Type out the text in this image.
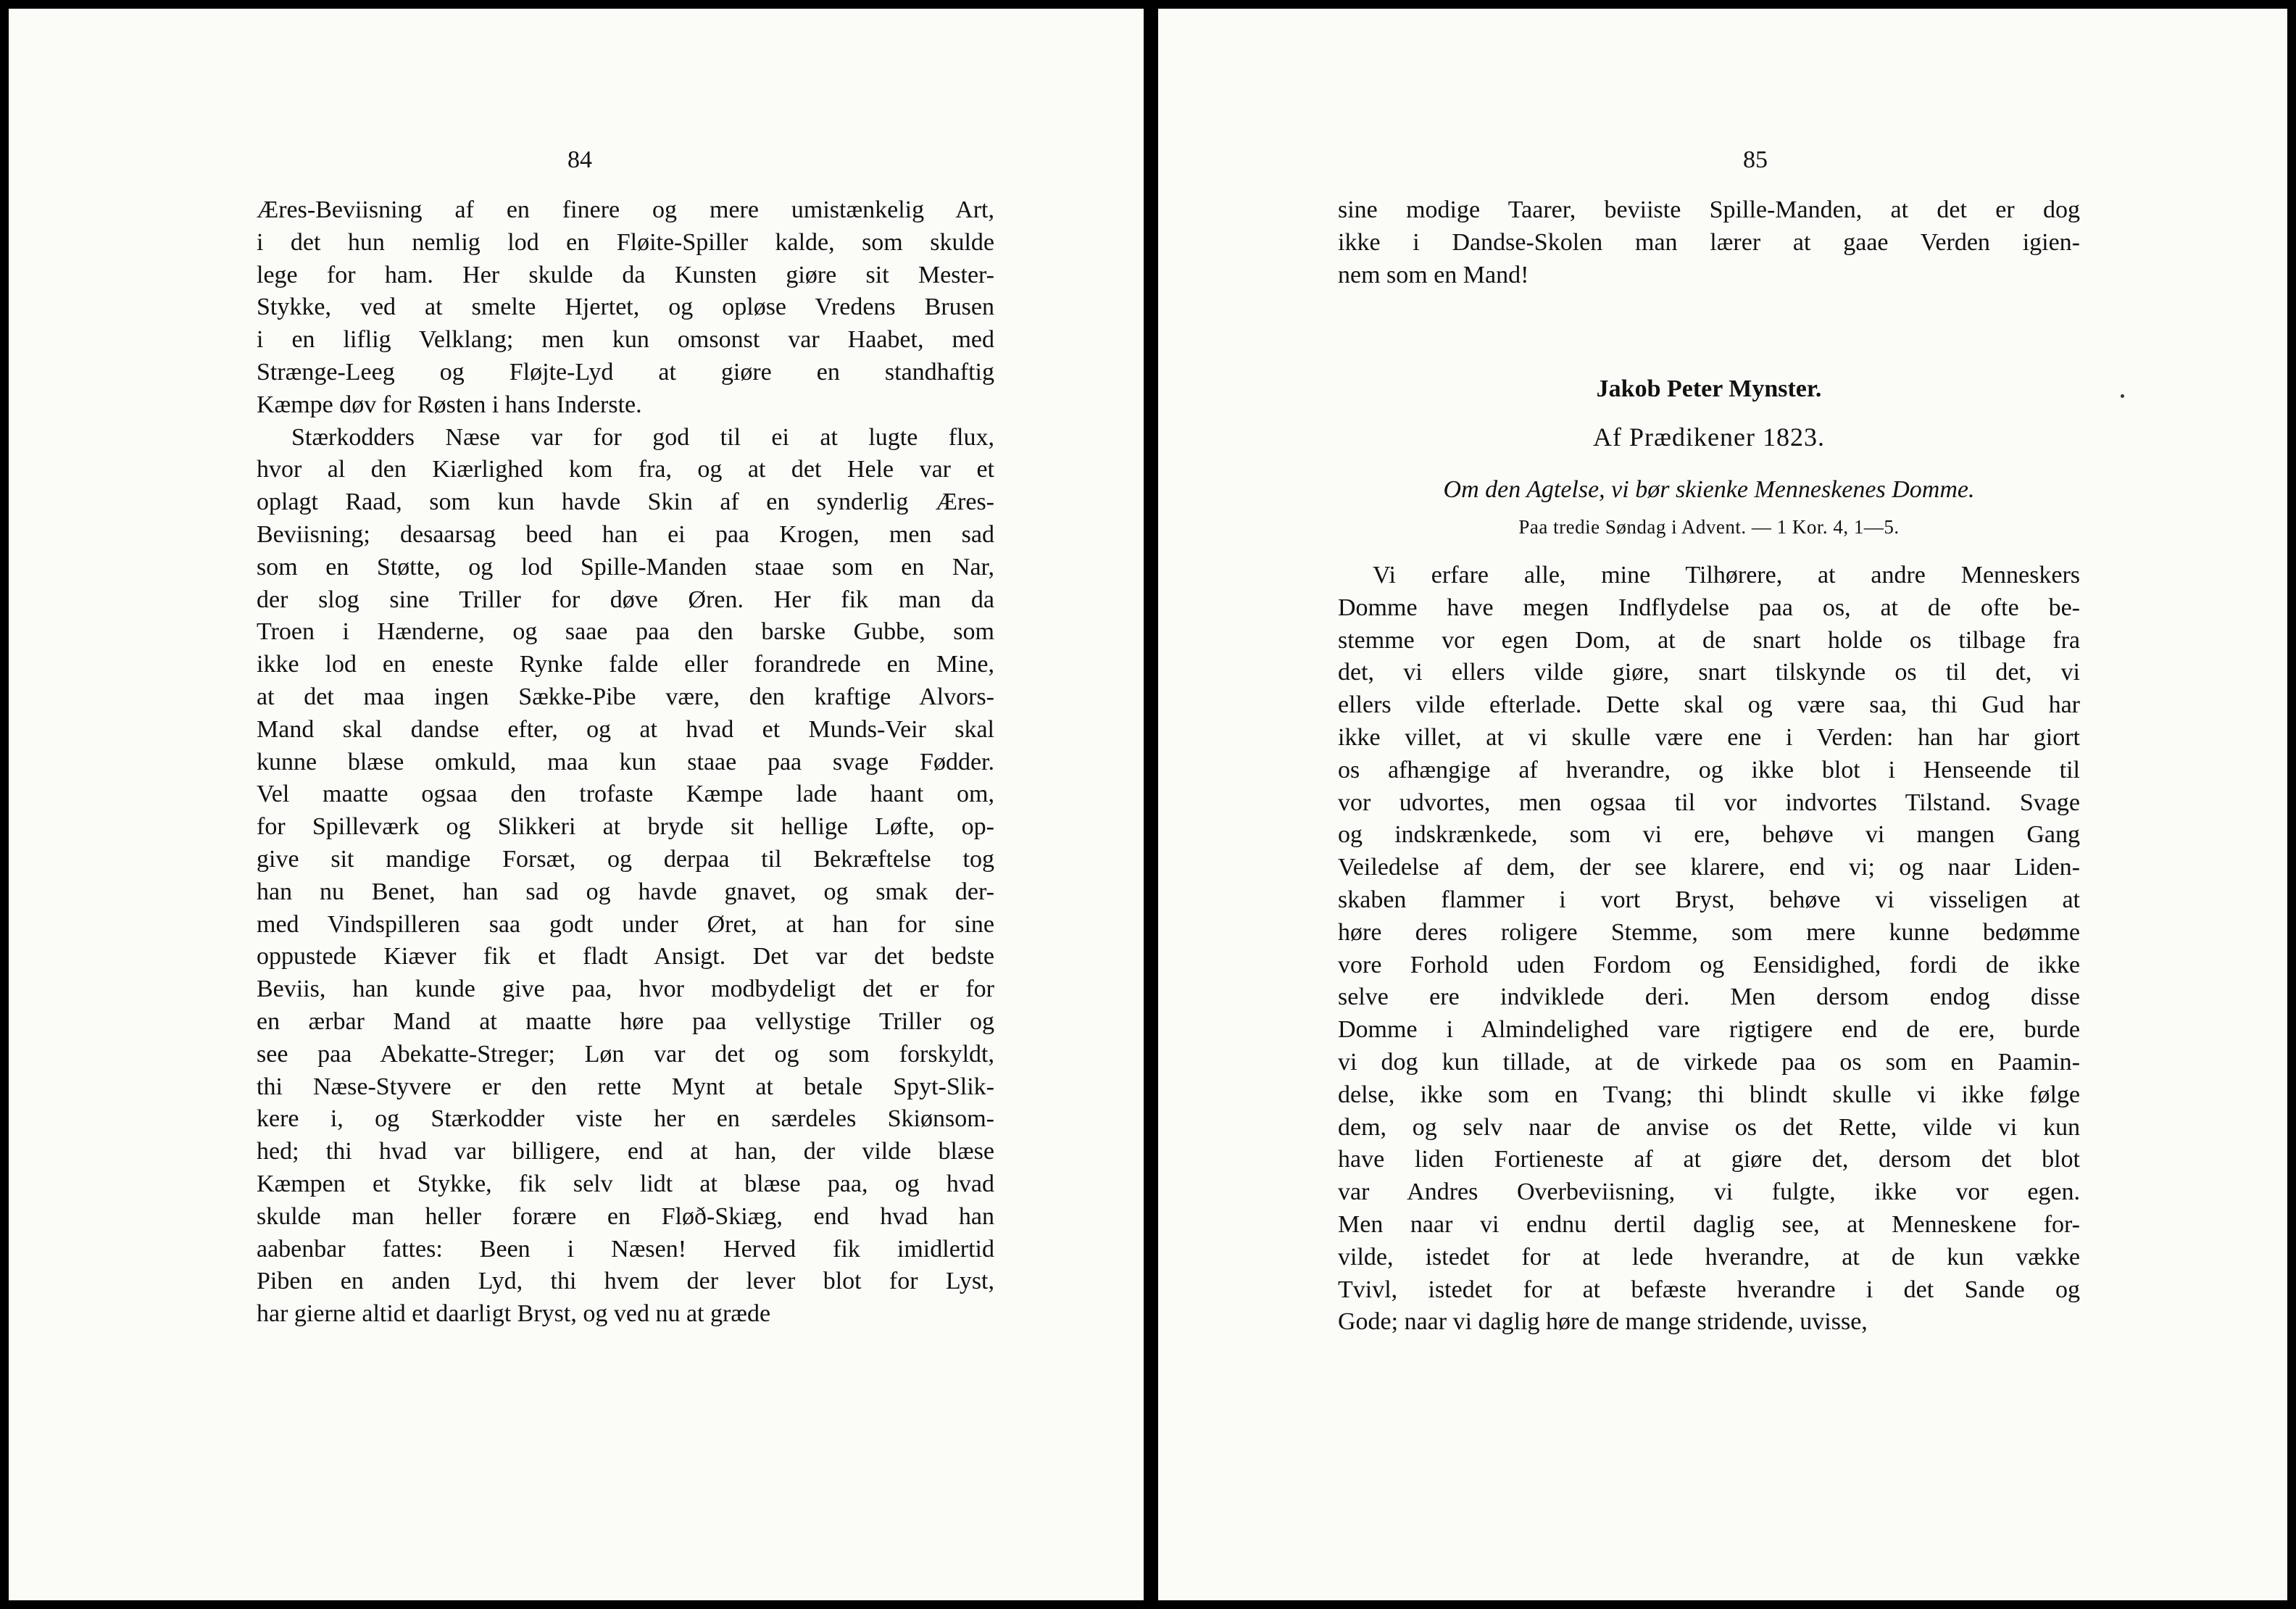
84
Æres-Beviisning af en finere og mere umistænkelig Art,
i det hun nemlig lod en Fløite-Spiller kalde, som skulde
lege for ham. Her skulde da Kunsten giøre sit Mester-
Stykke, ved at smelte Hjertet, og opløse Vredens Brusen
i en liflig Velklang; men kun omsonst var Haabet, med
Strænge-Leeg og Fløjte-Lyd at giøre en standhaftig
Kæmpe døv for Røsten i hans Inderste.
Stærkodders Næse var for god til ei at lugte flux,
hvor al den Kiærlighed kom fra, og at det Hele var et
oplagt Raad, som kun havde Skin af en synderlig Æres-
Beviisning; desaarsag beed han ei paa Krogen, men sad
som en Støtte, og lod Spille-Manden staae som en Nar,
der slog sine Triller for døve Øren. Her fik man da
Troen i Hænderne, og saae paa den barske Gubbe, som
ikke lod en eneste Rynke falde eller forandrede en Mine,
at det maa ingen Sække-Pibe være, den kraftige Alvors-
Mand skal dandse efter, og at hvad et Munds-Veir skal
kunne blæse omkuld, maa kun staae paa svage Fødder.
Vel maatte ogsaa den trofaste Kæmpe lade haant om,
for Spilleværk og Slikkeri at bryde sit hellige Løfte, op-
give sit mandige Forsæt, og derpaa til Bekræftelse tog
han nu Benet, han sad og havde gnavet, og smak der-
med Vindspilleren saa godt under Øret, at han for sine
oppustede Kiæver fik et fladt Ansigt. Det var det bedste
Beviis, han kunde give paa, hvor modbydeligt det er for
en ærbar Mand at maatte høre paa vellystige Triller og
see paa Abekatte-Streger; Løn var det og som forskyldt,
thi Næse-Styvere er den rette Mynt at betale Spyt-Slik-
kere i, og Stærkodder viste her en særdeles Skiønsom-
hed; thi hvad var billigere, end at han, der vilde blæse
Kæmpen et Stykke, fik selv lidt at blæse paa, og hvad
skulde man heller forære en Fløð-Skiæg, end hvad han
aabenbar fattes: Been i Næsen! Herved fik imidlertid
Piben en anden Lyd, thi hvem der lever blot for Lyst,
har gierne altid et daarligt Bryst, og ved nu at græde
85
sine modige Taarer, beviiste Spille-Manden, at det er dog
ikke i Dandse-Skolen man lærer at gaae Verden igien-
nem som en Mand!
Jakob Peter Mynster.
Af Prædikener 1823.
Om den Agtelse, vi bør skienke Menneskenes Domme.
Paa tredie Søndag i Advent. — 1 Kor. 4, 1—5.
Vi erfare alle, mine Tilhørere, at andre Menneskers
Domme have megen Indflydelse paa os, at de ofte be-
stemme vor egen Dom, at de snart holde os tilbage fra
det, vi ellers vilde giøre, snart tilskynde os til det, vi
ellers vilde efterlade. Dette skal og være saa, thi Gud har
ikke villet, at vi skulle være ene i Verden: han har giort
os afhængige af hverandre, og ikke blot i Henseende til
vor udvortes, men ogsaa til vor indvortes Tilstand. Svage
og indskrænkede, som vi ere, behøve vi mangen Gang
Veiledelse af dem, der see klarere, end vi; og naar Liden-
skaben flammer i vort Bryst, behøve vi visseligen at
høre deres roligere Stemme, som mere kunne bedømme
vore Forhold uden Fordom og Eensidighed, fordi de ikke
selve ere indviklede deri. Men dersom endog disse
Domme i Almindelighed vare rigtigere end de ere, burde
vi dog kun tillade, at de virkede paa os som en Paamin-
delse, ikke som en Tvang; thi blindt skulle vi ikke følge
dem, og selv naar de anvise os det Rette, vilde vi kun
have liden Fortieneste af at giøre det, dersom det blot
var Andres Overbeviisning, vi fulgte, ikke vor egen.
Men naar vi endnu dertil daglig see, at Menneskene for-
vilde, istedet for at lede hverandre, at de kun vække
Tvivl, istedet for at befæste hverandre i det Sande og
Gode; naar vi daglig høre de mange stridende, uvisse,
